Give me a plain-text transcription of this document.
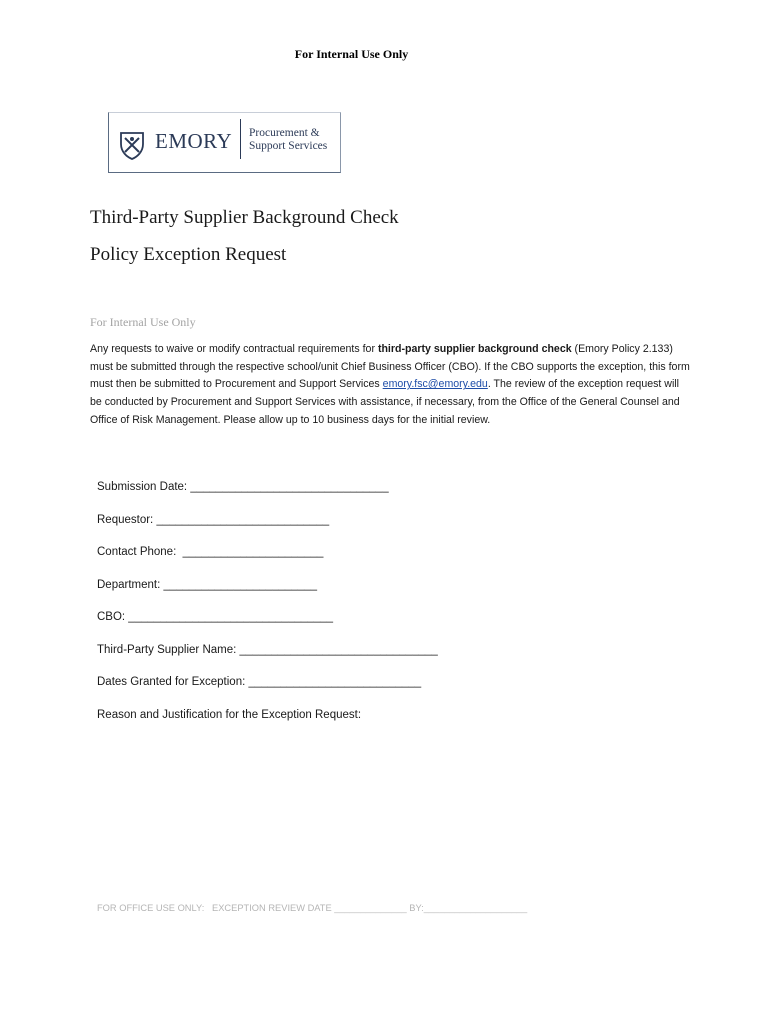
For Internal Use Only
EMORY Procurement &
Support Services
Third-Party Supplier Background Check
Policy Exception Request
For Internal Use Only
Any requests to waive or modify contractual requirements for third-party supplier background check (Emory Policy 2.133) must be submitted through the respective school/unit Chief Business Officer (CBO). If the CBO supports the exception, this form must then be submitted to Procurement and Support Services emory.fsc@emory.edu. The review of the exception request will be conducted by Procurement and Support Services with assistance, if necessary, from the Office of the General Counsel and Office of Risk Management. Please allow up to 10 business days for the initial review.
Submission Date: _______________________________
Requestor: ___________________________
Contact Phone:  ______________________
Department: ________________________
CBO: ________________________________
Third-Party Supplier Name: _______________________________
Dates Granted for Exception: ___________________________
Reason and Justification for the Exception Request:
FOR OFFICE USE ONLY:   EXCEPTION REVIEW DATE ______________ BY:____________________
